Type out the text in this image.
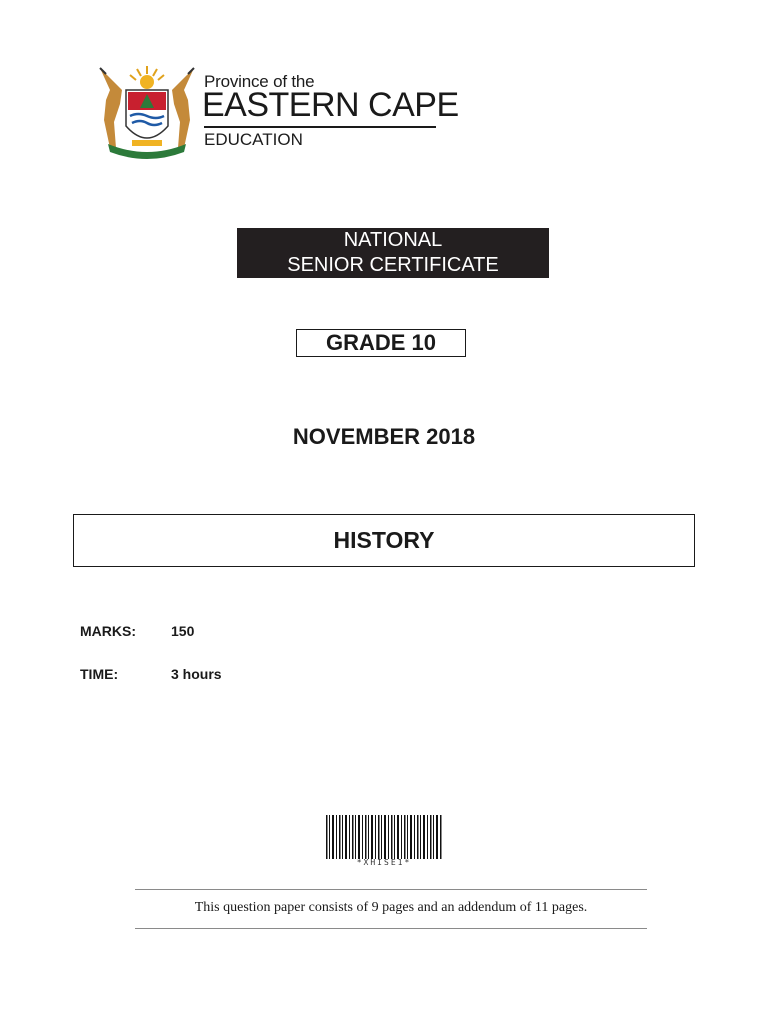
Province of the
EASTERN CAPE
EDUCATION
NATIONAL
SENIOR CERTIFICATE
GRADE 10
NOVEMBER 2018
HISTORY
MARKS:	150
TIME:	3 hours
*XHISE1*
This question paper consists of 9 pages and an addendum of 11 pages.
